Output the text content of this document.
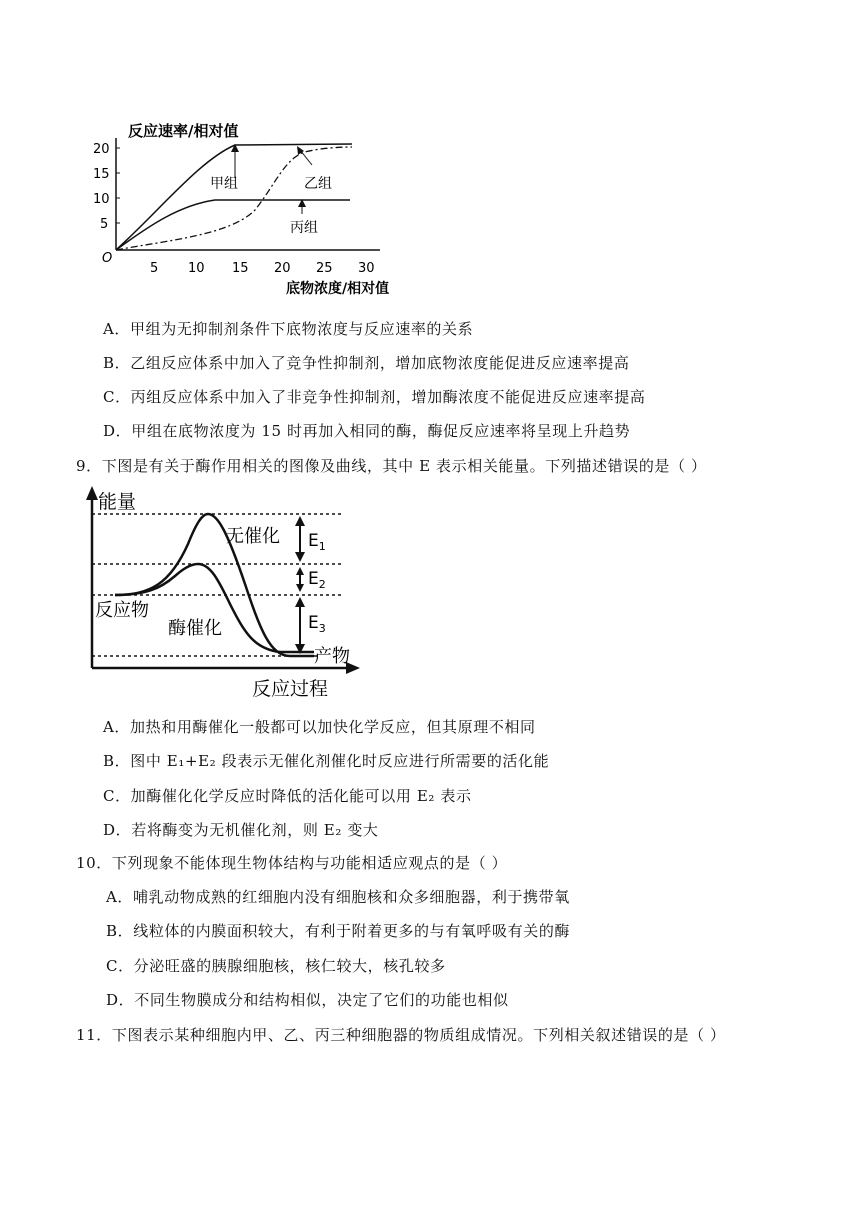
反应速率/相对值
20
15
10
5
O
5 10 15 20 25 30
底物浓度/相对值
甲组	乙组
丙组
A．甲组为无抑制剂条件下底物浓度与反应速率的关系
B．乙组反应体系中加入了竞争性抑制剂，增加底物浓度能促进反应速率提高
C．丙组反应体系中加入了非竞争性抑制剂，增加酶浓度不能促进反应速率提高
D．甲组在底物浓度为 15 时再加入相同的酶，酶促反应速率将呈现上升趋势
9．下图是有关于酶作用相关的图像及曲线，其中 E 表示相关能量。下列描述错误的是（ ）
能量
反应过程
$E_1$
$E_2$
$E_3$
无催化
酶催化
反应物
产物
A．加热和用酶催化一般都可以加快化学反应，但其原理不相同
B．图中 E₁+E₂ 段表示无催化剂催化时反应进行所需要的活化能
C．加酶催化化学反应时降低的活化能可以用 E₂ 表示
D．若将酶变为无机催化剂，则 E₂ 变大
10．下列现象不能体现生物体结构与功能相适应观点的是（ ）
A．哺乳动物成熟的红细胞内没有细胞核和众多细胞器，利于携带氧
B．线粒体的内膜面积较大，有利于附着更多的与有氧呼吸有关的酶
C．分泌旺盛的胰腺细胞核，核仁较大，核孔较多
D．不同生物膜成分和结构相似，决定了它们的功能也相似
11．下图表示某种细胞内甲、乙、丙三种细胞器的物质组成情况。下列相关叙述错误的是（ ）
